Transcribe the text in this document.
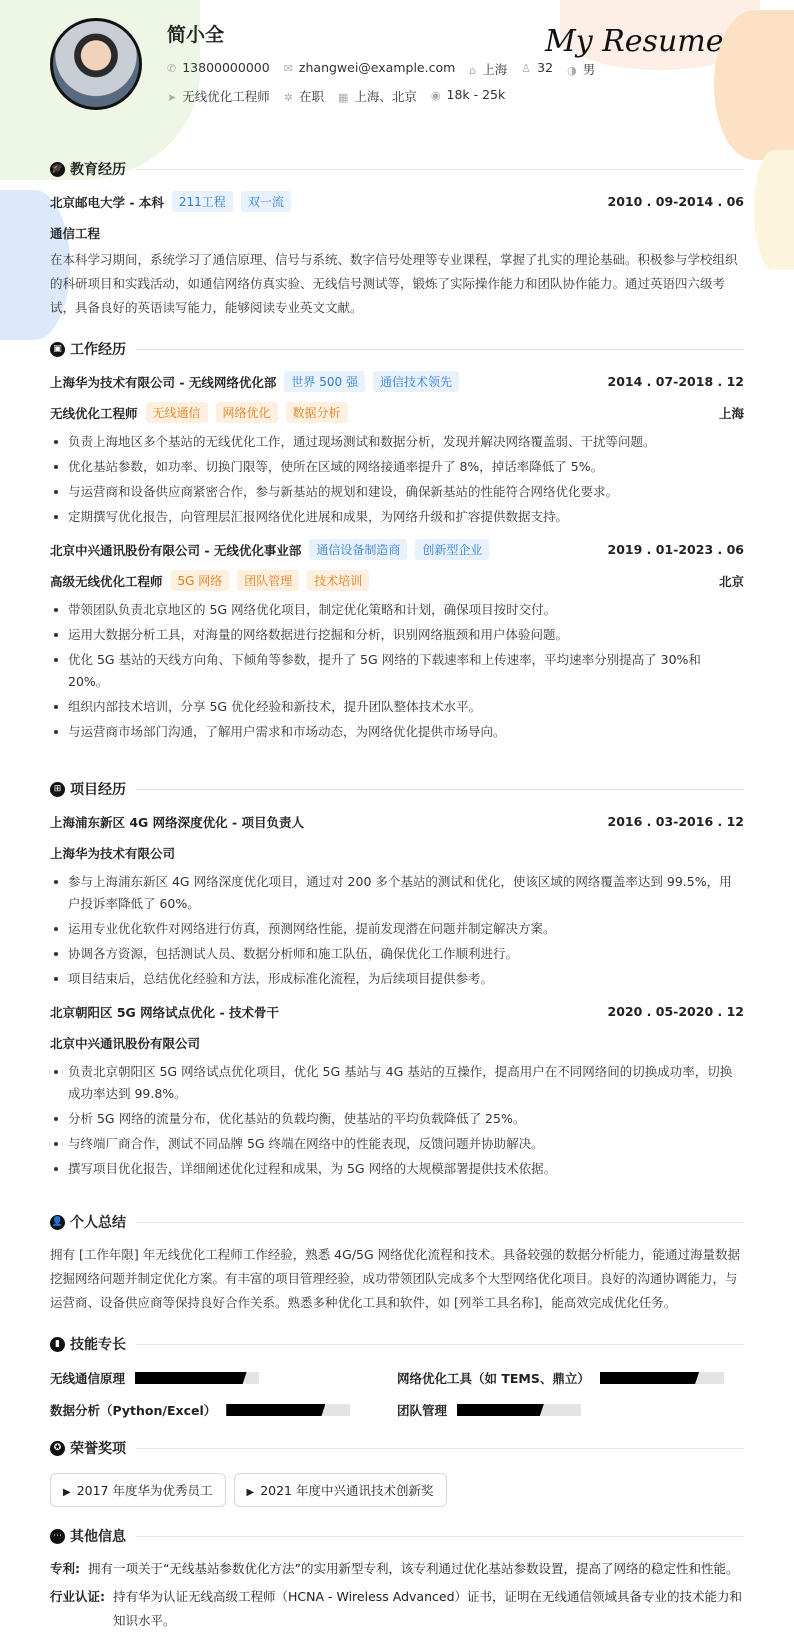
简小全	My Resume
✆ 13800000000 ✉ zhangwei@example.com ⌂ 上海 ♙ 32 ◑ 男
➤ 无线优化工程师 ✲ 在职 ▦ 上海、北京 ◉ 18k - 25k
🎓 教育经历
北京邮电大学 - 本科	211工程	双一流	2010 . 09-2014 . 06
通信工程
在本科学习期间，系统学习了通信原理、信号与系统、数字信号处理等专业课程，掌握了扎实的理论基础。积极参与学校组织的科研项目和实践活动，如通信网络仿真实验、无线信号测试等，锻炼了实际操作能力和团队协作能力。通过英语四六级考试，具备良好的英语读写能力，能够阅读专业英文文献。
▣ 工作经历
上海华为技术有限公司 - 无线网络优化部	世界 500 强	通信技术领先	2014 . 07-2018 . 12
无线优化工程师	无线通信	网络优化	数据分析	上海
负责上海地区多个基站的无线优化工作，通过现场测试和数据分析，发现并解决网络覆盖弱、干扰等问题。
优化基站参数，如功率、切换门限等，使所在区域的网络接通率提升了 8%，掉话率降低了 5%。
与运营商和设备供应商紧密合作，参与新基站的规划和建设，确保新基站的性能符合网络优化要求。
定期撰写优化报告，向管理层汇报网络优化进展和成果，为网络升级和扩容提供数据支持。
北京中兴通讯股份有限公司 - 无线优化事业部	通信设备制造商	创新型企业	2019 . 01-2023 . 06
高级无线优化工程师	5G 网络	团队管理	技术培训	北京
带领团队负责北京地区的 5G 网络优化项目，制定优化策略和计划，确保项目按时交付。
运用大数据分析工具，对海量的网络数据进行挖掘和分析，识别网络瓶颈和用户体验问题。
优化 5G 基站的天线方向角、下倾角等参数，提升了 5G 网络的下载速率和上传速率，平均速率分别提高了 30%和 20%。
组织内部技术培训，分享 5G 优化经验和新技术，提升团队整体技术水平。
与运营商市场部门沟通，了解用户需求和市场动态，为网络优化提供市场导向。
⊞ 项目经历
上海浦东新区 4G 网络深度优化 - 项目负责人	2016 . 03-2016 . 12
上海华为技术有限公司
参与上海浦东新区 4G 网络深度优化项目，通过对 200 多个基站的测试和优化，使该区域的网络覆盖率达到 99.5%，用户投诉率降低了 60%。
运用专业优化软件对网络进行仿真，预测网络性能，提前发现潜在问题并制定解决方案。
协调各方资源，包括测试人员、数据分析师和施工队伍，确保优化工作顺利进行。
项目结束后，总结优化经验和方法，形成标准化流程，为后续项目提供参考。
北京朝阳区 5G 网络试点优化 - 技术骨干	2020 . 05-2020 . 12
北京中兴通讯股份有限公司
负责北京朝阳区 5G 网络试点优化项目，优化 5G 基站与 4G 基站的互操作，提高用户在不同网络间的切换成功率，切换成功率达到 99.8%。
分析 5G 网络的流量分布，优化基站的负载均衡，使基站的平均负载降低了 25%。
与终端厂商合作，测试不同品牌 5G 终端在网络中的性能表现，反馈问题并协助解决。
撰写项目优化报告，详细阐述优化过程和成果，为 5G 网络的大规模部署提供技术依据。
👤 个人总结
拥有 [工作年限] 年无线优化工程师工作经验，熟悉 4G/5G 网络优化流程和技术。具备较强的数据分析能力，能通过海量数据挖掘网络问题并制定优化方案。有丰富的项目管理经验，成功带领团队完成多个大型网络优化项目。良好的沟通协调能力，与运营商、设备供应商等保持良好合作关系。熟悉多种优化工具和软件，如 [列举工具名称]，能高效完成优化任务。
▮ 技能专长
无线通信原理	网络优化工具（如 TEMS、鼎立）
数据分析（Python/Excel）	团队管理
✪ 荣誉奖项
▶ 2017 年度华为优秀员工	▶ 2021 年度中兴通讯技术创新奖
⋯ 其他信息
专利: 拥有一项关于“无线基站参数优化方法”的实用新型专利，该专利通过优化基站参数设置，提高了网络的稳定性和性能。
行业认证: 持有华为认证无线高级工程师（HCNA - Wireless Advanced）证书，证明在无线通信领域具备专业的技术能力和知识水平。
